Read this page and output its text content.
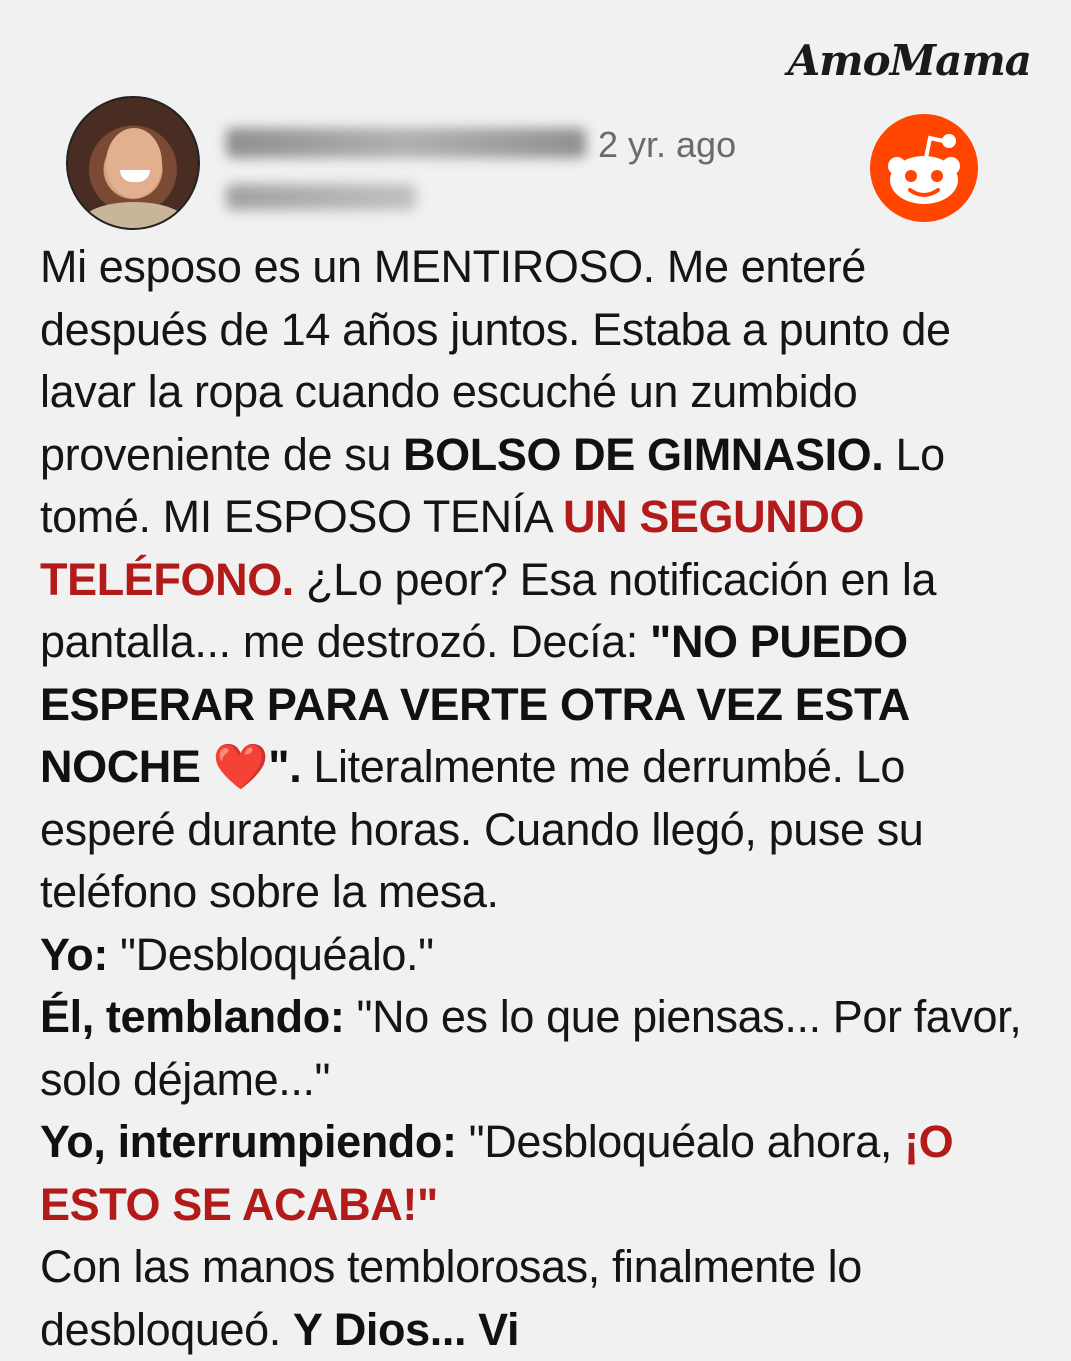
AmoMama
2 yr. ago

Mi esposo es un MENTIROSO. Me enteré después de 14 años juntos. Estaba a punto de lavar la ropa cuando escuché un zumbido proveniente de su BOLSO DE GIMNASIO. Lo tomé. MI ESPOSO TENÍA UN SEGUNDO TELÉFONO. ¿Lo peor? Esa notificación en la pantalla... me destrozó. Decía: "NO PUEDO ESPERAR PARA VERTE OTRA VEZ ESTA NOCHE ❤️". Literalmente me derrumbé. Lo esperé durante horas. Cuando llegó, puse su teléfono sobre la mesa.

Yo: "Desbloquéalo."

Él, temblando: "No es lo que piensas... Por favor, solo déjame..."

Yo, interrumpiendo: "Desbloquéalo ahora, ¡O ESTO SE ACABA!"

Con las manos temblorosas, finalmente lo desbloqueó. Y Dios... Vi
